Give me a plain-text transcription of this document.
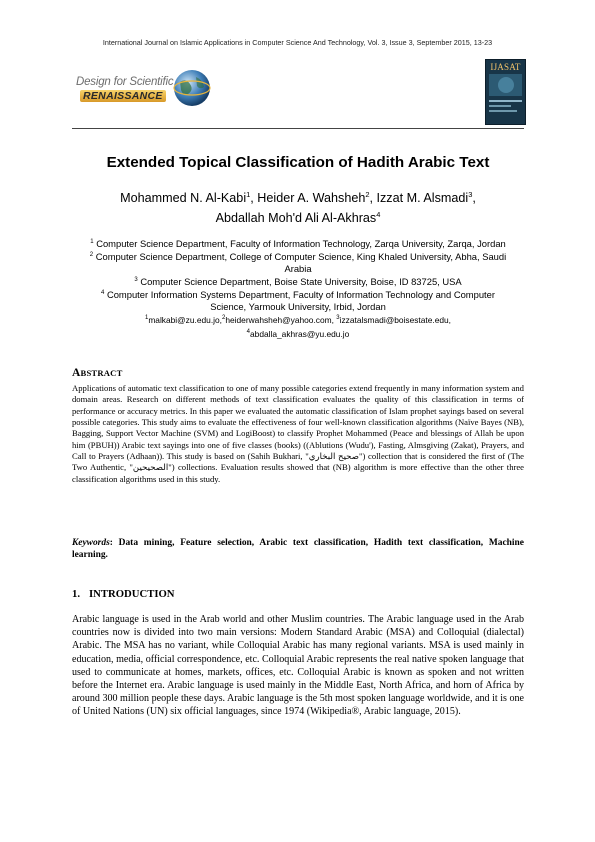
International Journal on Islamic Applications in Computer Science And Technology, Vol. 3, Issue 3, September 2015, 13-23
Design for Scientific
RENAISSANCE
IJASAT
Extended Topical Classification of Hadith Arabic Text
Mohammed N. Al-Kabi$^1$, Heider A. Wahsheh$^2$, Izzat M. Alsmadi$^3$,
Abdallah Moh'd Ali Al-Akhras$^4$
$^1$ Computer Science Department, Faculty of Information Technology, Zarqa University, Zarqa, Jordan
$^2$ Computer Science Department, College of Computer Science, King Khaled University, Abha, Saudi Arabia
$^3$ Computer Science Department, Boise State University, Boise, ID 83725, USA
$^4$ Computer Information Systems Department, Faculty of Information Technology and Computer Science, Yarmouk University, Irbid, Jordan
$^1$malkabi@zu.edu.jo,$^2$heiderwahsheh@yahoo.com, $^3$izzatalsmadi@boisestate.edu,
$^4$abdalla_akhras@yu.edu.jo
ABSTRACT

Applications of automatic text classification to one of many possible categories extend frequently in many information system and domain areas. Research on different methods of text classification evaluates the quality of this classification in terms of performance or accuracy metrics. In this paper we evaluated the automatic classification of Islam prophet sayings based on several possible categories. This study aims to evaluate the effectiveness of four well-known classification algorithms (Naïve Bayes (NB), Bagging, Support Vector Machine (SVM) and LogiBoost) to classify Prophet Mohammed (Peace and blessings of Allah be upon him (PBUH)) Arabic text sayings into one of five classes (books) ((Ablutions (Wudu'), Fasting, Almsgiving (Zakat), Prayers, and Call to Prayers (Adhaan)). This study is based on (Sahih Bukhari, "صحيح البخاري") collection that is considered the first of (The Two Authentic, "الصحيحين") collections. Evaluation results showed that (NB) algorithm is more effective than the other three classification algorithms used in this study.

Keywords: Data mining, Feature selection, Arabic text classification, Hadith text classification, Machine learning.
1. INTRODUCTION

Arabic language is used in the Arab world and other Muslim countries. The Arabic language used in the Arab countries now is divided into two main versions: Modern Standard Arabic (MSA) and Colloquial (dialectal) Arabic. The MSA has no variant, while Colloquial Arabic has many regional variants. MSA is used mainly in education, media, official correspondence, etc. Colloquial Arabic represents the real native spoken language that used to communicate at homes, markets, offices, etc. Colloquial Arabic is known as spoken and not written before the Internet era. Arabic language is used mainly in the Middle East, North Africa, and horn of Africa by around 300 million people these days. Arabic language is the 5th most spoken language worldwide, and it is one of United Nations (UN) six official languages, since 1974 (Wikipedia®, Arabic language, 2015).
